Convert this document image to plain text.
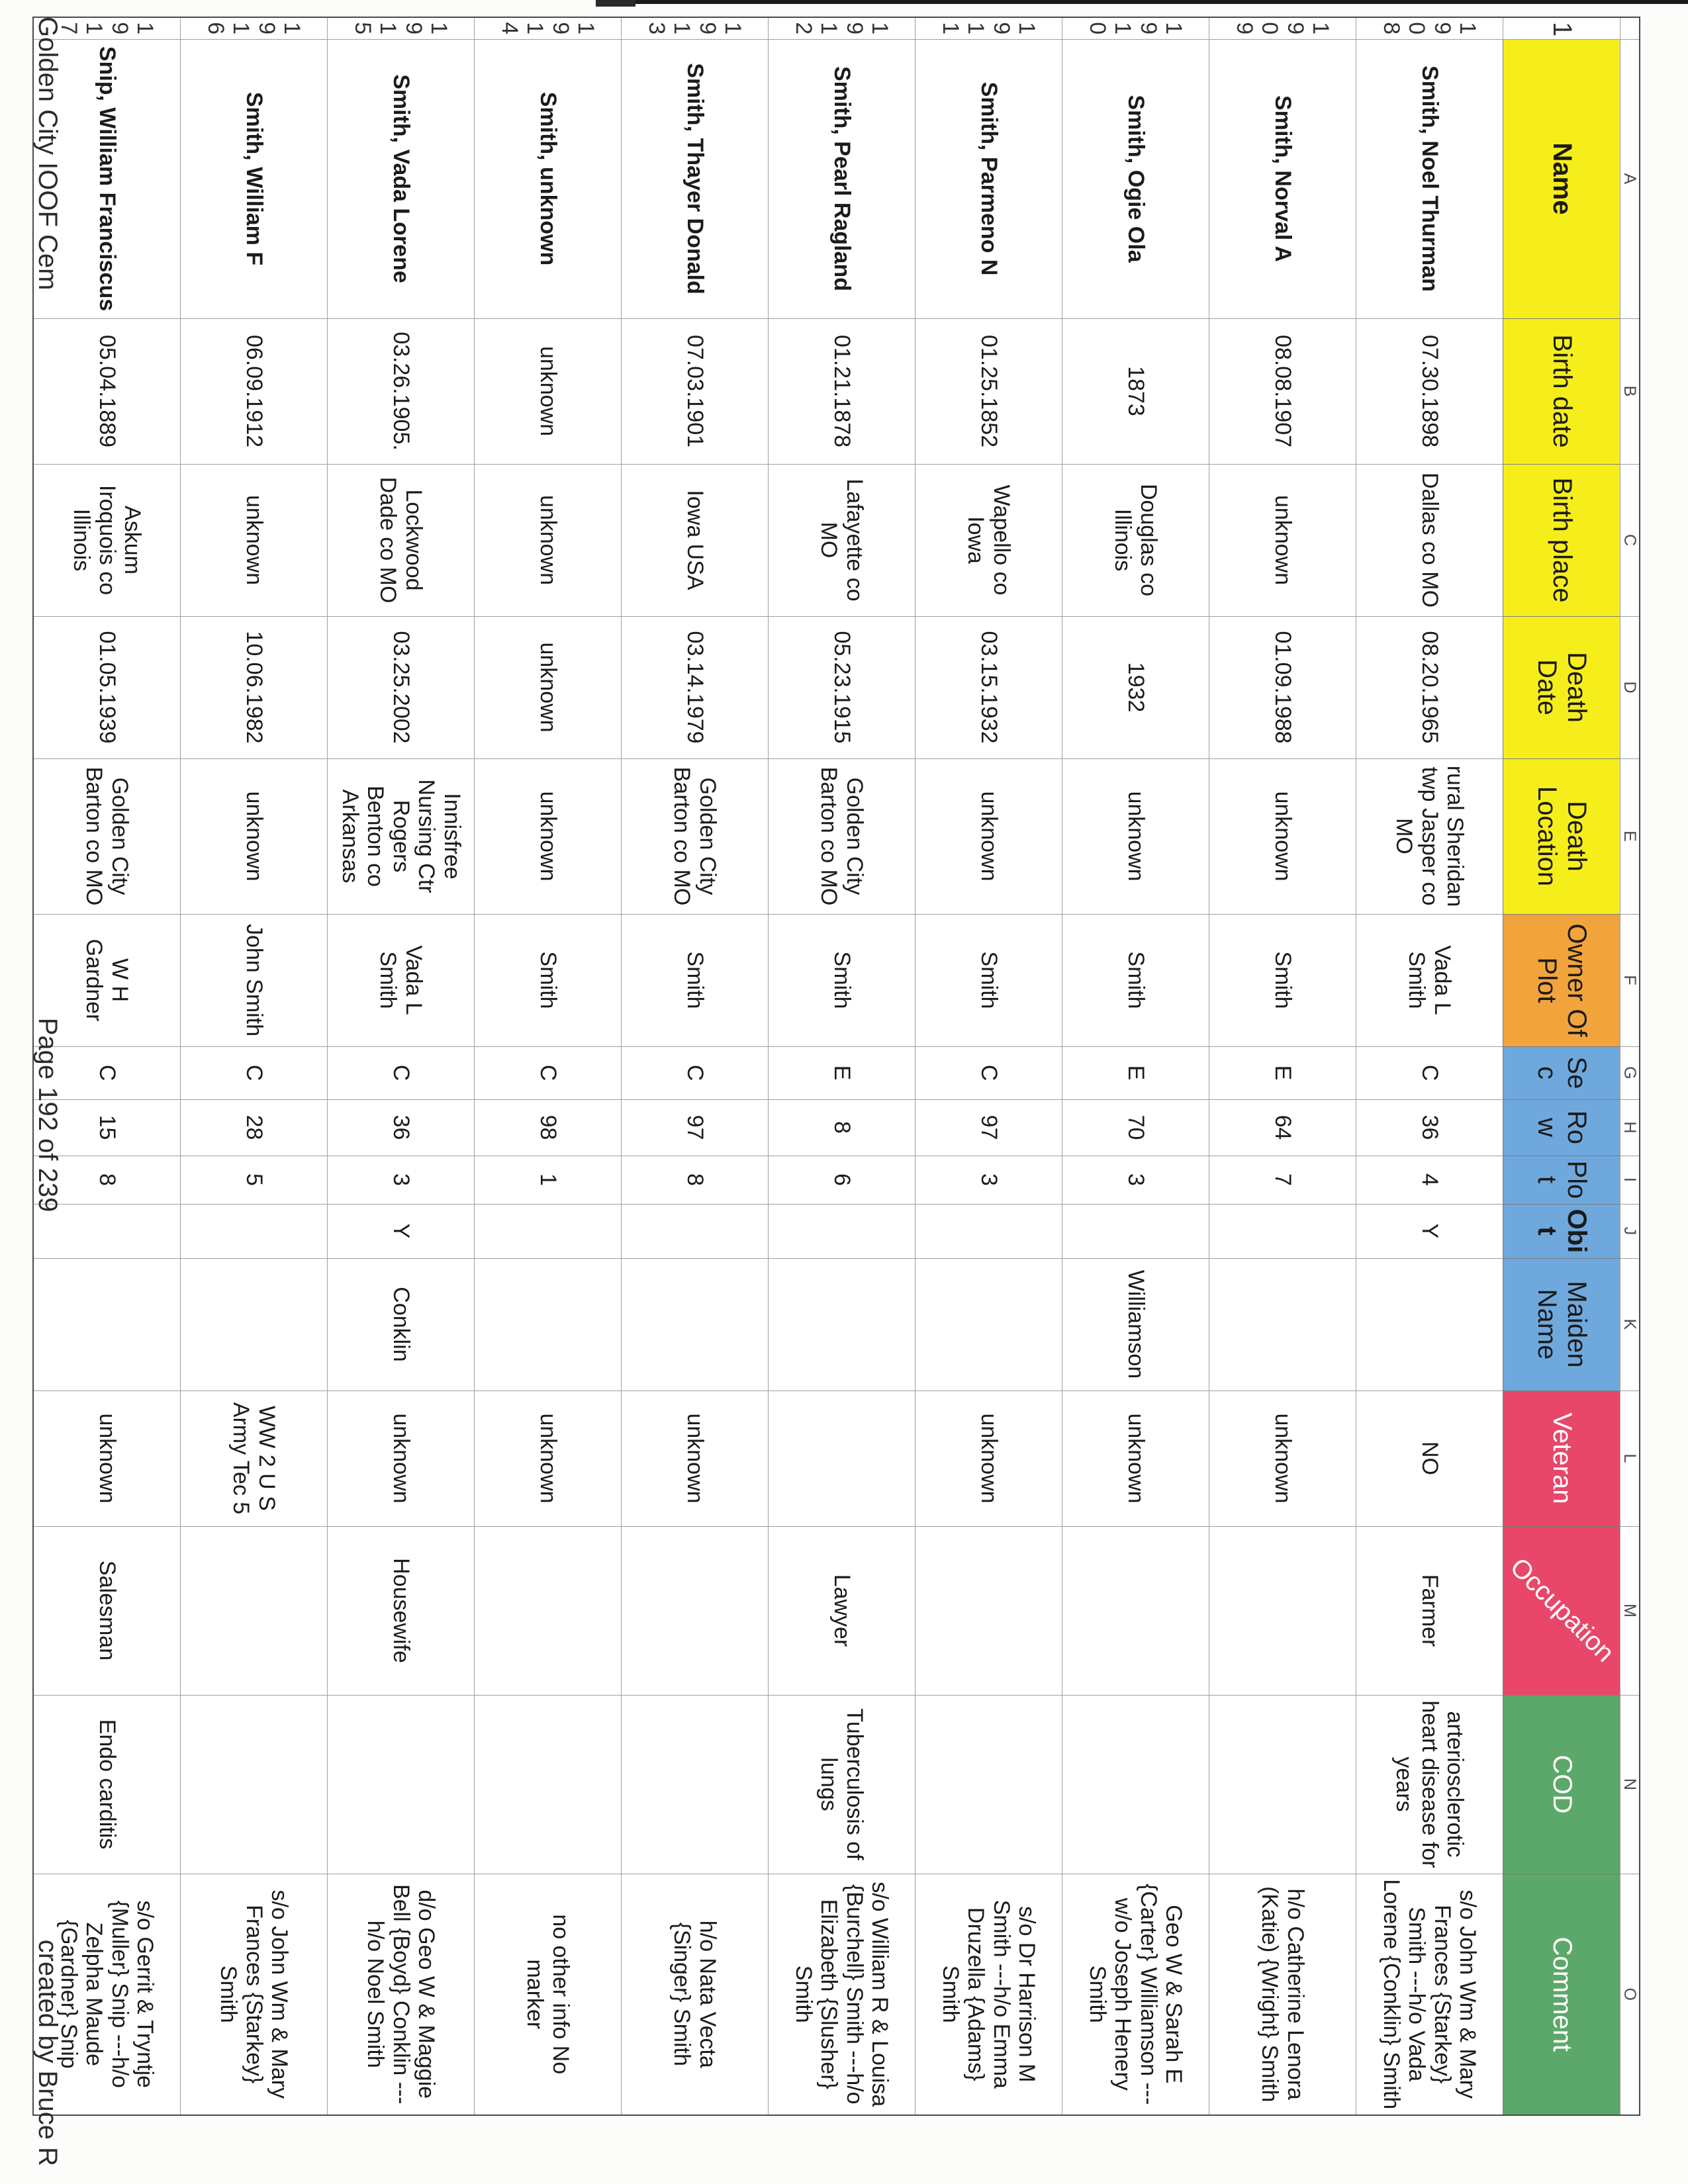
	A	B	C	D	E	F	G	H	I	J	K	L	M	N	O
1	Name	Birth date	Birth place	Death Date	Death Location	Owner Of Plot	Sec	Row	Plot	Obit	Maiden Name	Veteran	Occupation	COD	Comment
1908	Smith, Noel Thurman	07.30.1898	Dallas co MO	08.20.1965	rural Sheridan twp Jasper co MO	Vada L Smith	C	36	4	Y		NO	Farmer	arteriosclerotic heart disease for years	s/o John Wm & Mary Frances {Starkey} Smith ---h/o Vada Lorene {Conklin} Smith
1909	Smith, Norval A	08.08.1907	unknown	01.09.1988	unknown	Smith	E	64	7			unknown			h/o Catherine Lenora (Katie) {Wright} Smith
1910	Smith, Ogie Ola	1873	Douglas co Illinois	1932	unknown	Smith	E	70	3		Williamson	unknown			Geo W & Sarah E {Carter} Williamson ---w/o Joseph Henery Smith
1911	Smith, Parmeno N	01.25.1852	Wapello co Iowa	03.15.1932	unknown	Smith	C	97	3			unknown			s/o Dr Harrison M Smith ---h/o Emma Druzella {Adams} Smith
1912	Smith, Pearl Ragland	01.21.1878	Lafayette co MO	05.23.1915	Golden City Barton co MO	Smith	E	8	6				Lawyer	Tuberculosis of lungs	s/o William R & Louisa {Burchell} Smith ---h/o Elizabeth {Slusher} Smith
1913	Smith, Thayer Donald	07.03.1901	Iowa USA	03.14.1979	Golden City Barton co MO	Smith	C	97	8			unknown			h/o Nata Vecta {Singer} Smith
1914	Smith, unknown	unknown	unknown	unknown	unknown	Smith	C	98	1			unknown			no other info No marker
1915	Smith, Vada Lorene	03.26.1905.	Lockwood Dade co MO	03.25.2002	Innisfree Nursing Ctr Rogers Benton co Arkansas	Vada L Smith	C	36	3	Y	Conklin	unknown	Housewife		d/o Geo W & Maggie Bell {Boyd} Conklin ---h/o Noel Smith
1916	Smith, William F	06.09.1912	unknown	10.06.1982	unknown	John Smith	C	28	5			WW 2 U S Army Tec 5			s/o John Wm & Mary Frances {Starkey} Smith
1917	Snip, William Franciscus	05.04.1889	Askum Iroquois co Illinois	01.05.1939	Golden City Barton co MO	W H Gardner	C	15	8			unknown	Salesman	Endo carditis	s/o Gerrit & Tryntje {Muller} Snip ---h/o Zelpha Maude {Gardner} Snip
Golden City IOOF Cem
Page 192 of 239
created by Bruce R
